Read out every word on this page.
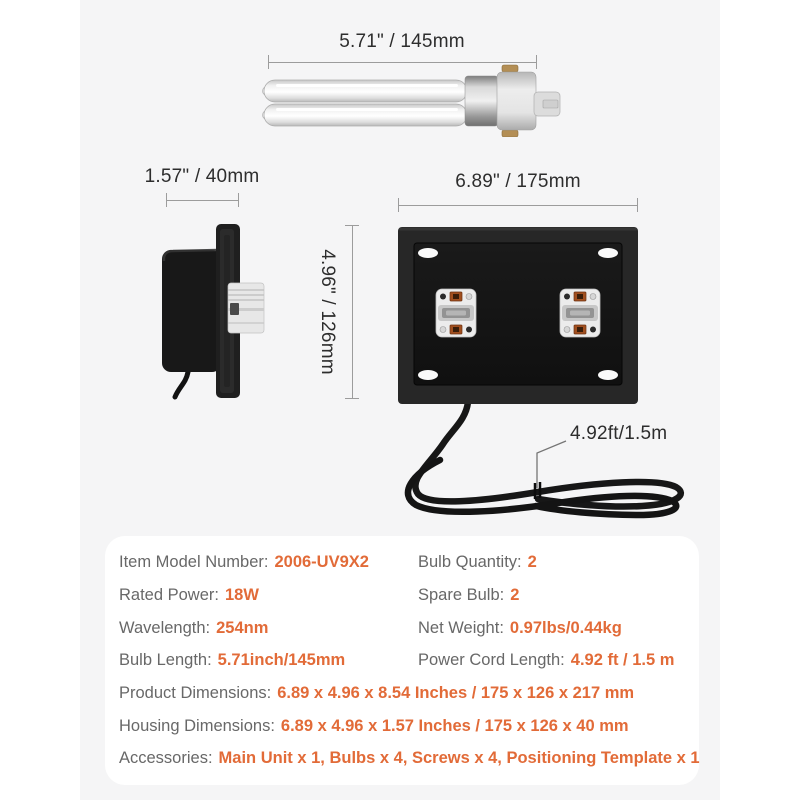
5.71" / 145mm
1.57" / 40mm	6.89" / 175mm
4.96" / 126mm
4.92ft/1.5m
Item Model Number: 2006-UV9X2	Bulb Quantity: 2
Rated Power: 18W	Spare Bulb: 2
Wavelength: 254nm	Net Weight: 0.97lbs/0.44kg
Bulb Length: 5.71inch/145mm	Power Cord Length: 4.92 ft / 1.5 m
Product Dimensions: 6.89 x 4.96 x 8.54 Inches / 175 x 126 x 217 mm
Housing Dimensions: 6.89 x 4.96 x 1.57 Inches / 175 x 126 x 40 mm
Accessories: Main Unit x 1, Bulbs x 4, Screws x 4, Positioning Template x 1
